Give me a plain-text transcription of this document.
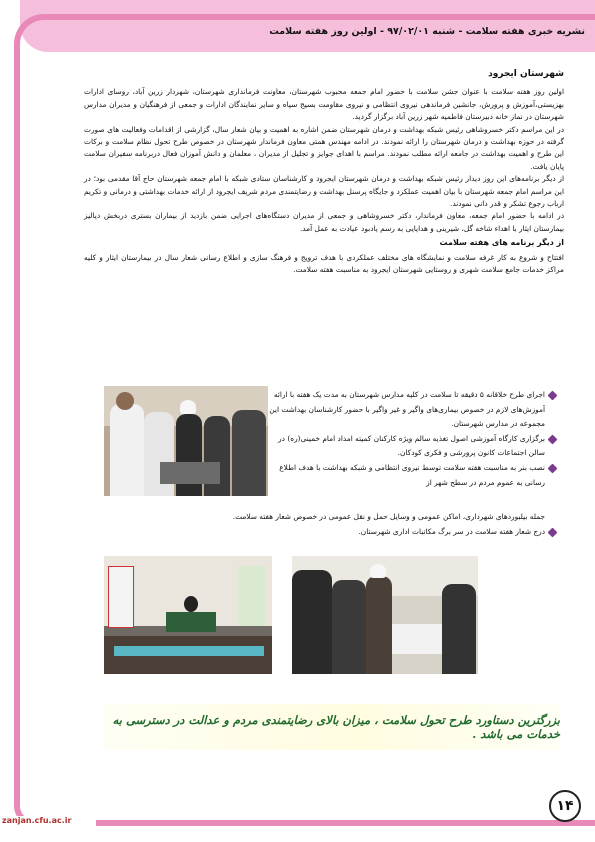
نشریه خبری هفته سلامت - شنبه ۹۷/۰۲/۰۱ - اولین روز هفته سلامت
شهرستان ایجرود

اولین روز هفته سلامت با عنوان جشن سلامت با حضور امام جمعه محبوب شهرستان، معاونت فرمانداری شهرستان، شهردار زرین آباد، روسای ادارات بهزیستی،آموزش و پرورش، جانشین فرماندهی نیروی انتظامی و نیروی مقاومت بسیج سپاه و سایر نمایندگان ادارات و جمعی از فرهنگیان و مدیران مدارس شهرستان در نماز خانه دبیرستان فاطمیه شهر زرین آباد برگزار گردید.

در این مراسم دکتر خسروشاهی رئیس شبکه بهداشت و درمان شهرستان ضمن اشاره به اهمیت و بیان شعار سال، گزارشی از اقدامات وفعالیت های صورت گرفته در حوزه بهداشت و درمان شهرستان را ارائه نمودند. در ادامه مهندس همتی معاون فرماندار شهرستان در خصوص طرح تحول نظام سلامت و برکات این طرح و اهمیت بهداشت در جامعه ارائه مطلب نمودند. مراسم با اهدای جوایز و تجلیل از مدیران ، معلمان و دانش آموزان فعال دربرنامه سفیران سلامت پایان یافت.

از دیگر برنامه‌های این روز دیدار رئیس شبکه بهداشت و درمان شهرستان ایجرود و کارشناسان ستادی شبکه با امام جمعه شهرستان حاج آقا مقدمی بود؛ در این مراسم امام جمعه شهرستان با بیان اهمیت عملکرد و جایگاه پرسنل بهداشت و رضایتمندی مردم شریف ایجرود از ارائه خدمات بهداشتی و درمانی و تکریم ارباب رجوع تشکر و قدر دانی نمودند.

در ادامه با حضور امام جمعه، معاون فرماندار، دکتر خسروشاهی و جمعی از مدیران دستگاه‌های اجرایی ضمن بازدید از بیماران بستری دربخش دیالیز بیمارستان ایثار با اهداء شاخه گل، شیرینی و هدایایی به رسم یادبود عیادت به عمل آمد.

از دیگر برنامه های هفته سلامت

افتتاح و شروع به کار غرفه سلامت و نمایشگاه های مختلف عملکردی با هدف ترویج و فرهنگ سازی و اطلاع رسانی شعار سال در بیمارستان ایثار و کلیه مراکز خدمات جامع سلامت شهری و روستایی شهرستان ایجرود به مناسبت هفته سلامت.

اجرای طرح خلاقانه ۵ دقیقه تا سلامت در کلیه مدارس شهرستان به مدت یک هفته با ارائه آموزش‌های لازم در خصوص بیماری‌های واگیر و غیر واگیر با حضور کارشناسان بهداشت این مجموعه در مدارس شهرستان.
برگزاری کارگاه آموزشی اصول تغذیه سالم ویژه کارکنان کمیته امداد امام خمینی(ره) در سالن اجتماعات کانون پرورشی و فکری کودکان.
نصب بنر به مناسبت هفته سلامت توسط نیروی انتظامی و شبکه بهداشت با هدف اطلاع رسانی به عموم مردم در سطح شهر از
جمله بیلبوردهای شهرداری، اماکن عمومی و وسایل حمل و نقل عمومی در خصوص شعار هفته سلامت.
درج شعار هفته سلامت در سر برگ مکاتبات اداری شهرستان.
بزرگترین دستاورد طرح تحول سلامت ، میزان بالای رضایتمندی مردم و عدالت در دسترسی به خدمات می باشد .
۱۴
zanjan.cfu.ac.ir
